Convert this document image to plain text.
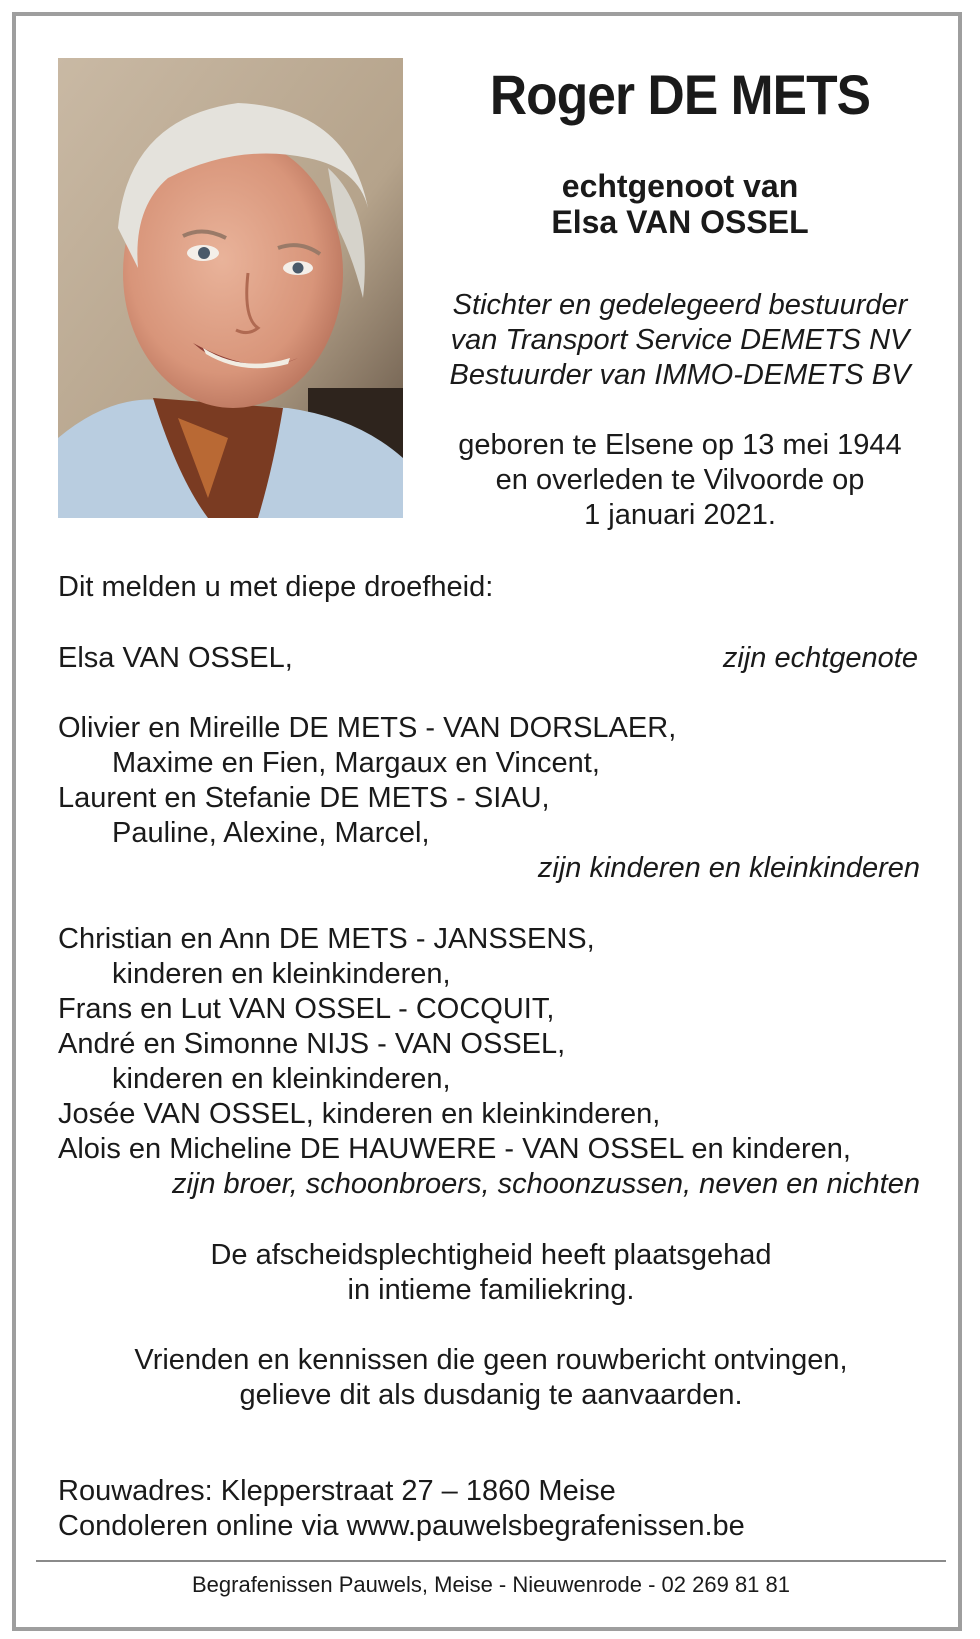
Roger DE METS
echtgenoot van
Elsa VAN OSSEL
Stichter en gedelegeerd bestuurder
van Transport Service DEMETS NV
Bestuurder van IMMO-DEMETS BV
geboren te Elsene op 13 mei 1944
en overleden te Vilvoorde op
1 januari 2021.
Dit melden u met diepe droefheid:
Elsa VAN OSSEL,	zijn echtgenote
Olivier en Mireille DE METS - VAN DORSLAER,
Maxime en Fien, Margaux en Vincent,
Laurent en Stefanie DE METS - SIAU,
Pauline, Alexine, Marcel,
zijn kinderen en kleinkinderen
Christian en Ann DE METS - JANSSENS,
kinderen en kleinkinderen,
Frans en Lut VAN OSSEL - COCQUIT,
André en Simonne NIJS - VAN OSSEL,
kinderen en kleinkinderen,
Josée VAN OSSEL, kinderen en kleinkinderen,
Alois en Micheline DE HAUWERE - VAN OSSEL en kinderen,
zijn broer, schoonbroers, schoonzussen, neven en nichten
De afscheidsplechtigheid heeft plaatsgehad
in intieme familiekring.
Vrienden en kennissen die geen rouwbericht ontvingen,
gelieve dit als dusdanig te aanvaarden.
Rouwadres: Klepperstraat 27 – 1860 Meise
Condoleren online via www.pauwelsbegrafenissen.be
Begrafenissen Pauwels, Meise - Nieuwenrode - 02 269 81 81
